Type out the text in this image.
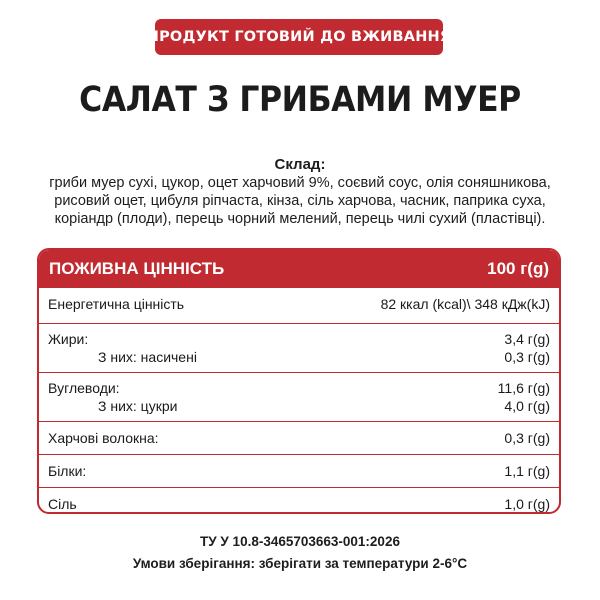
ПРОДУКТ ГОТОВИЙ ДО ВЖИВАННЯ
САЛАТ З ГРИБАМИ МУЕР
Склад:
гриби муер сухі, цукор, оцет харчовий 9%, соєвий соус, олія соняшникова,
рисовий оцет, цибуля ріпчаста, кінза, сіль харчова, часник, паприка суха,
коріандр (плоди), перець чорний мелений, перець чилі сухий (пластівці).
ПОЖИВНА ЦІННІСТЬ	100 г(g)
Енергетична цінність	82 ккал (kcal)\ 348 кДж(kJ)
Жири:	3,4 г(g)
З них: насичені	0,3 г(g)
Вуглеводи:	11,6 г(g)
З них: цукри	4,0 г(g)
Харчові волокна:	0,3 г(g)
Білки:	1,1 г(g)
Сіль	1,0 г(g)
ТУ У 10.8-3465703663-001:2026
Умови зберігання: зберігати за температури 2-6°С
